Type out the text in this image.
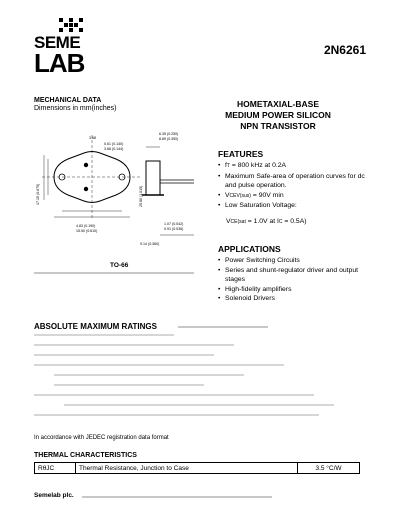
SEME
LAB	2N6261
MECHANICAL DATA
Dimensions in mm(inches)
3.68
0.61 (0.140)
3.66 (0.144)
6.35 (0.250)
8.89 (0.350)
4.83 (0.190)
15.50 (0.610)
1.07 (0.042)
0.91 (0.036)
9.14 (0.360)
17.15 (0.675)	25.80 (1.015)
TO-66
HOMETAXIAL-BASE
MEDIUM POWER SILICON
NPN TRANSISTOR
FEATURES
• fT = 800 kHz at 0.2A
• Maximum Safe-area of operation curves for dc and pulse operation.
• VCEV(sus) = 90V min
• Low Saturation Voltage:
VCE(sat = 1.0V at IC = 0.5A)
APPLICATIONS
• Power Switching Circuits
• Series and shunt-regulator driver and output stages
• High-fidelity amplifiers
• Solenoid Drivers
ABSOLUTE MAXIMUM RATINGS
In accordance with JEDEC registration data format
THERMAL CHARACTERISTICS
RθJC	Thermal Resistance, Junction to Case	3.5 °C/W
Semelab plc.
